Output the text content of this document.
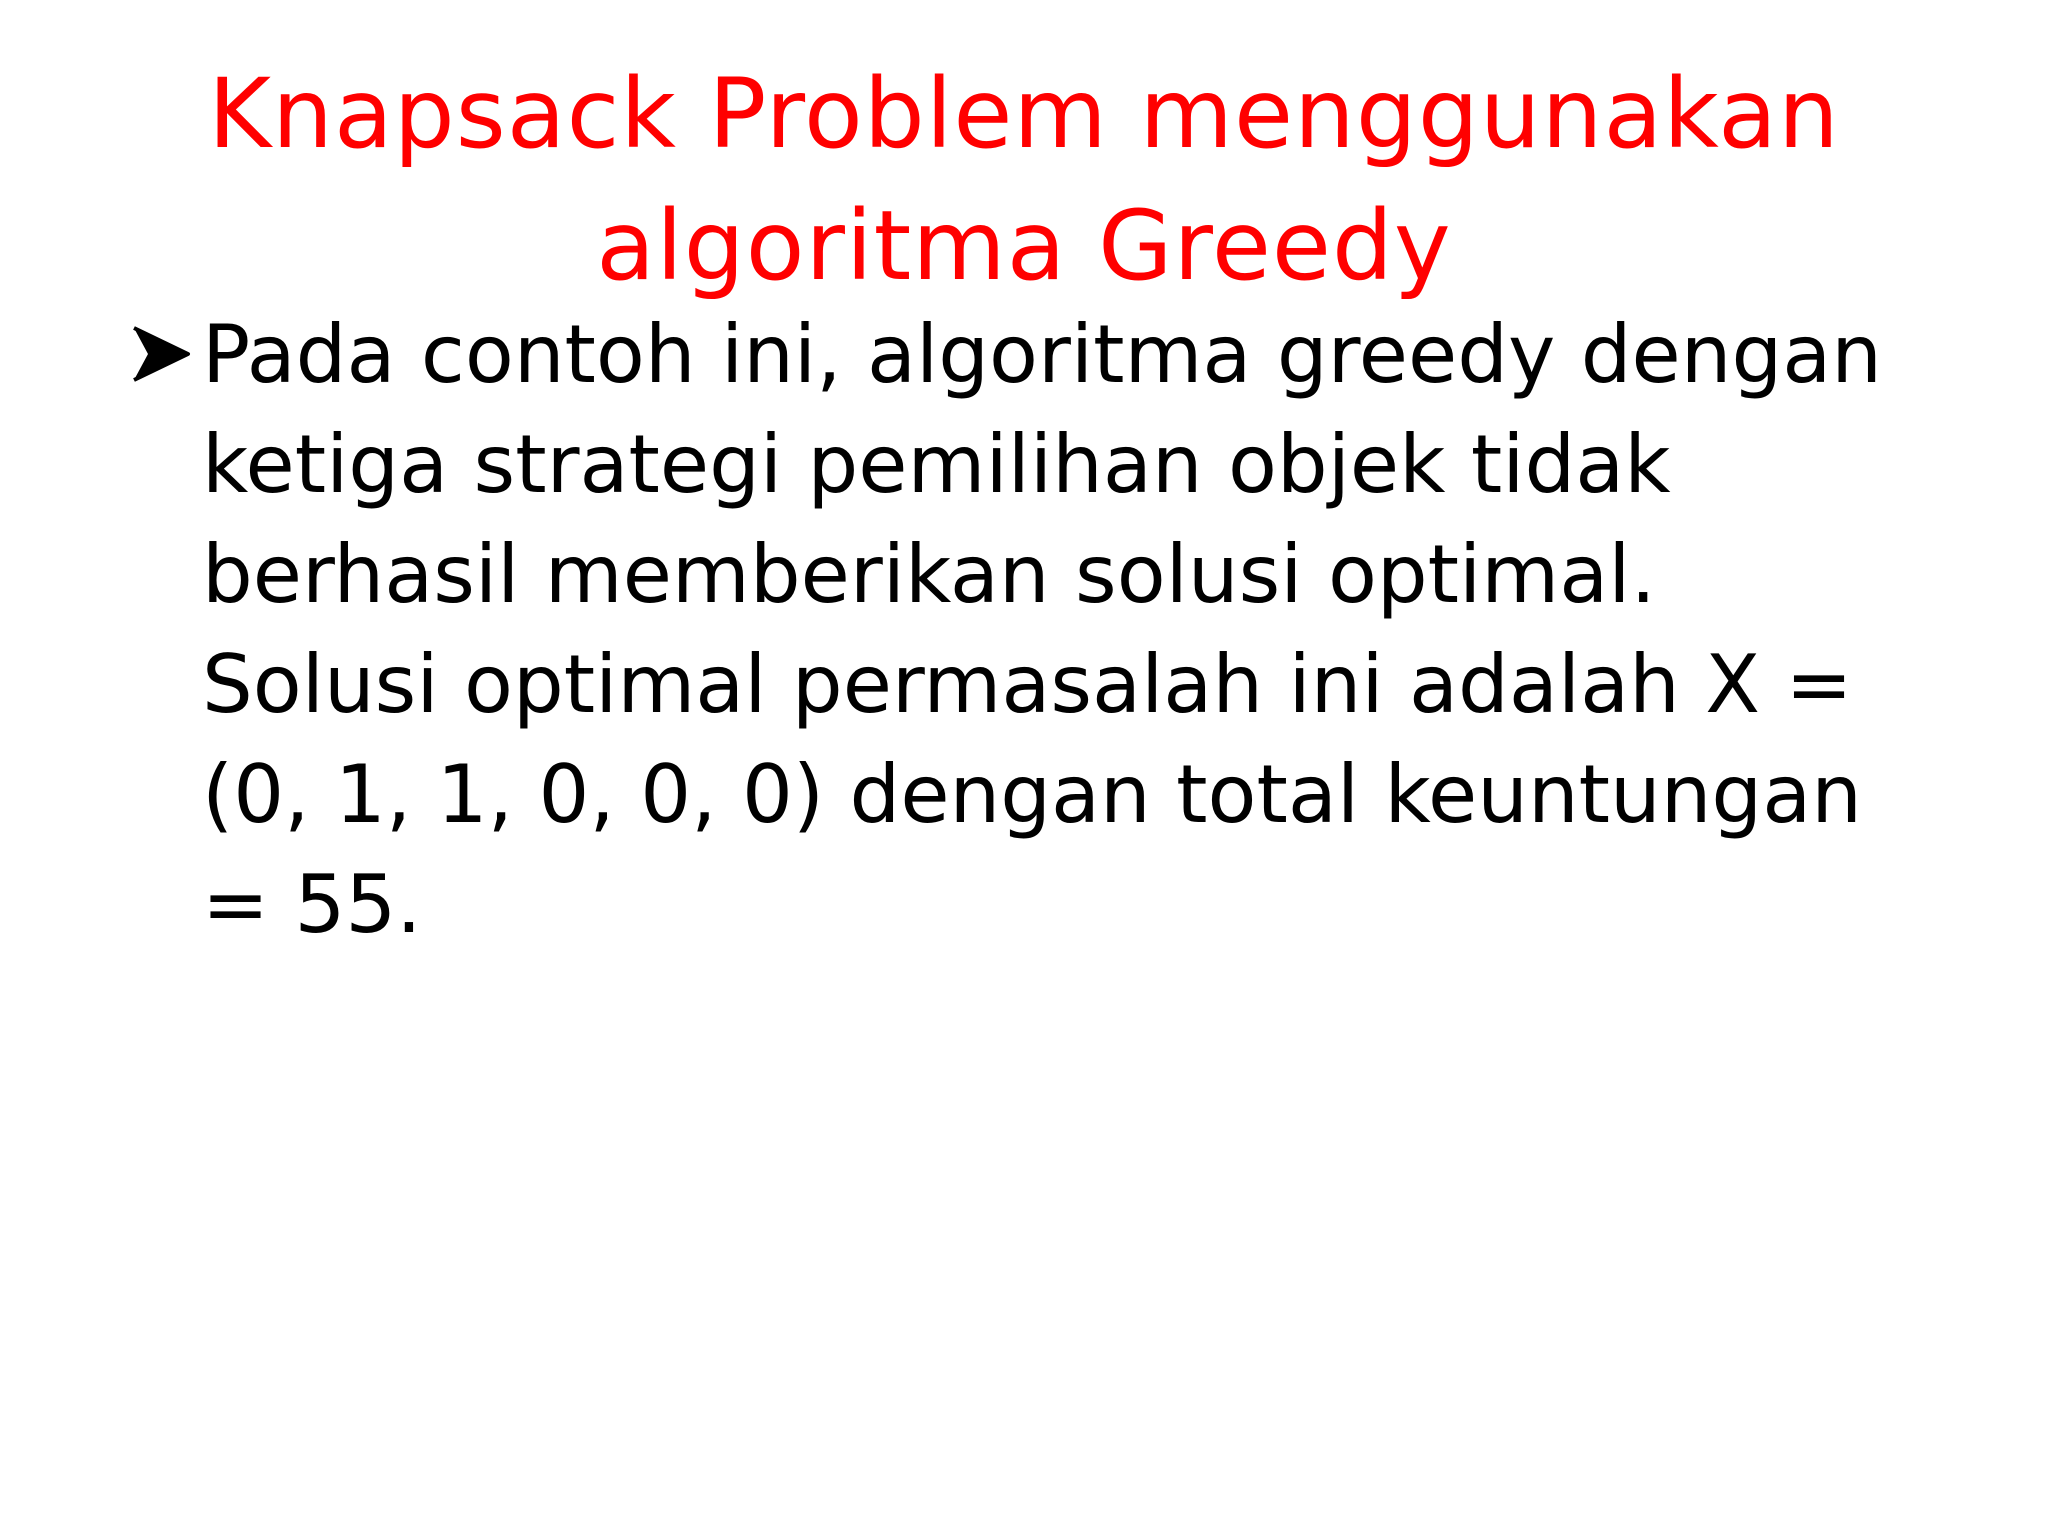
Knapsack Problem menggunakan
algoritma Greedy
Pada contoh ini, algoritma greedy dengan
ketiga strategi pemilihan objek tidak
berhasil memberikan solusi optimal.
Solusi optimal permasalah ini adalah X =
(0, 1, 1, 0, 0, 0) dengan total keuntungan
= 55.
